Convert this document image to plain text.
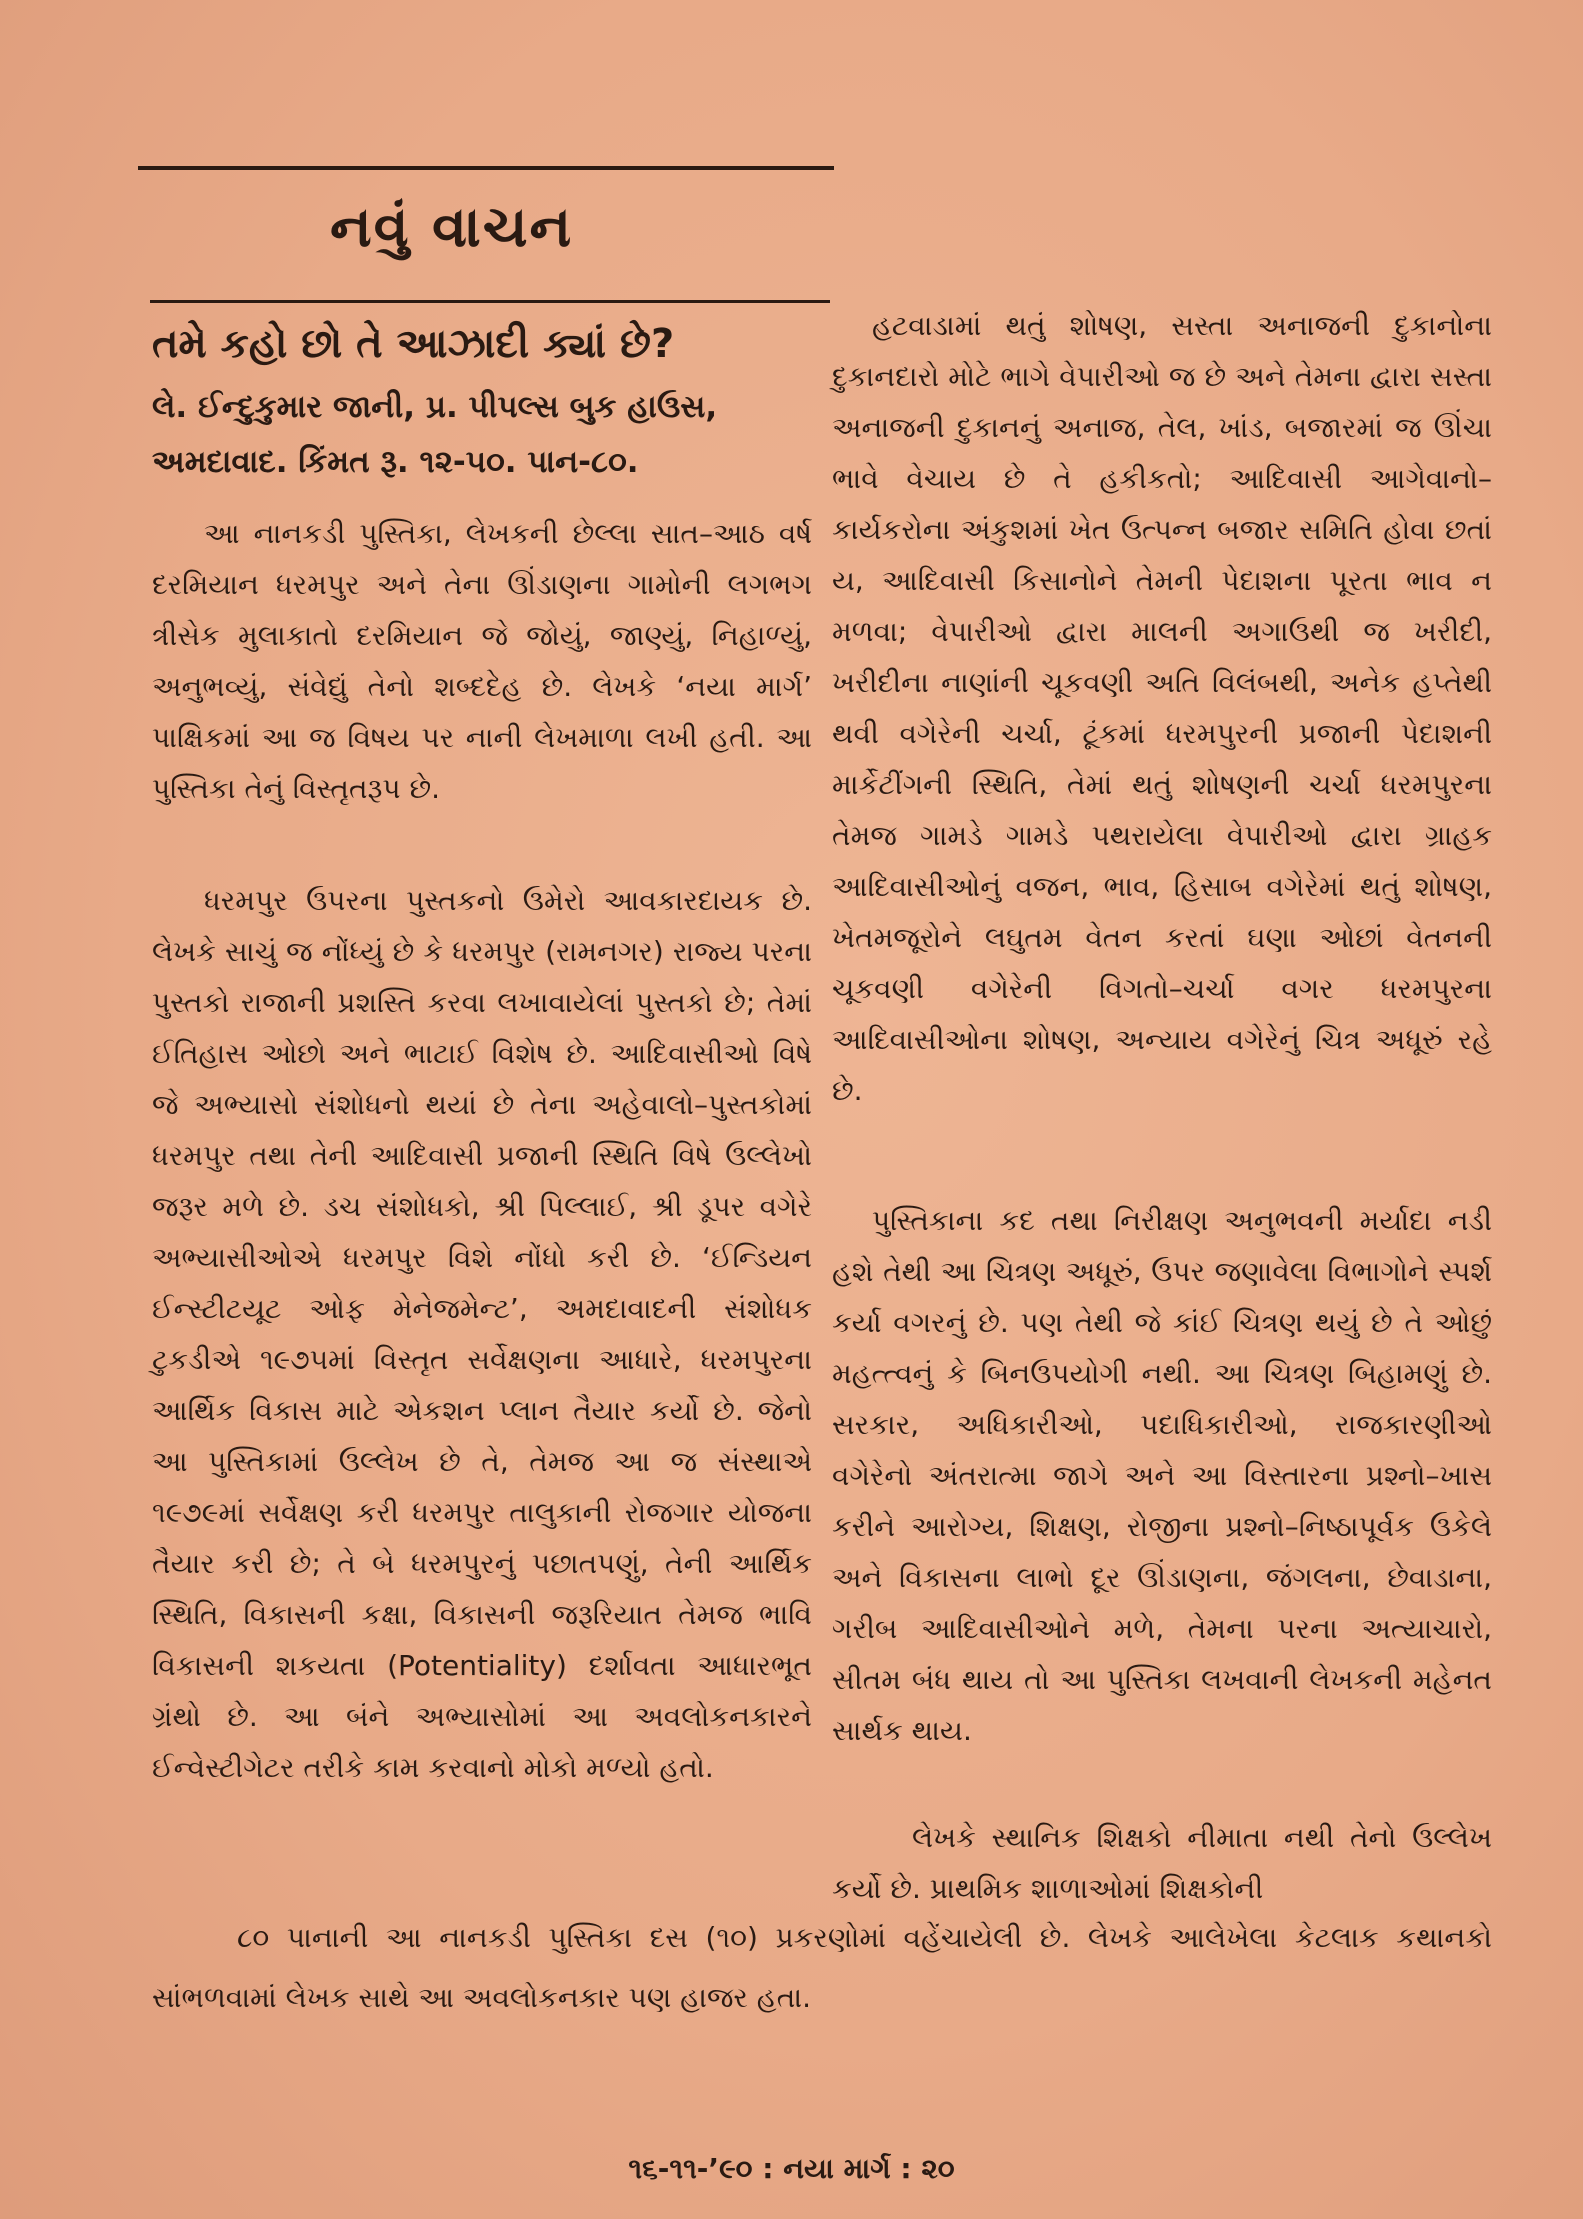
નવું વાચન
તમે કહો છો તે આઝાદી ક્યાં છે?
લે. ઈન્દુકુમાર જાની, પ્ર. પીપલ્સ બુક હાઉસ, અમદાવાદ. કિંમત રૂ. ૧૨-૫૦. પાન-૮૦.

આ નાનકડી પુસ્તિકા, લેખકની છેલ્લા સાત–આઠ વર્ષ દરમિયાન ધરમપુર અને તેના ઊંડાણના ગામોની લગભગ ત્રીસેક મુલાકાતો દરમિયાન જે જોયું, જાણ્યું, નિહાળ્યું, અનુભવ્યું, સંવેદ્યું તેનો શબ્દદેહ છે. લેખકે ‘નયા માર્ગ’ પાક્ષિકમાં આ જ વિષય પર નાની લેખમાળા લખી હતી. આ પુસ્તિકા તેનું વિસ્તૃતરૂપ છે.

ધરમપુર ઉપરના પુસ્તકનો ઉમેરો આવકારદાયક છે. લેખકે સાચું જ નોંધ્યું છે કે ધરમપુર (રામનગર) રાજ્ય પરના પુસ્તકો રાજાની પ્રશસ્તિ કરવા લખાવાયેલાં પુસ્તકો છે; તેમાં ઈતિહાસ ઓછો અને ભાટાઈ વિશેષ છે. આદિવાસીઓ વિષે જે અભ્યાસો સંશોધનો થયાં છે તેના અહેવાલો–પુસ્તકોમાં ધરમપુર તથા તેની આદિવાસી પ્રજાની સ્થિતિ વિષે ઉલ્લેખો જરૂર મળે છે. ડચ સંશોધકો, શ્રી પિલ્લાઈ, શ્રી ડૂપર વગેરે અભ્યાસીઓએ ધરમપુર વિશે નોંધો કરી છે. ‘ઈન્ડિયન ઈન્સ્ટીટયૂટ ઓફ મેનેજમેન્ટ’, અમદાવાદની સંશોધક ટુકડીએ ૧૯૭૫માં વિસ્તૃત સર્વેક્ષણના આધારે, ધરમપુરના આર્થિક વિકાસ માટે એકશન પ્લાન તૈયાર કર્યો છે. જેનો આ પુસ્તિકામાં ઉલ્લેખ છે તે, તેમજ આ જ સંસ્થાએ ૧૯૭૯માં સર્વેક્ષણ કરી ધરમપુર તાલુકાની રોજગાર યોજના તૈયાર કરી છે; તે બે ધરમપુરનું પછાતપણું, તેની આર્થિક સ્થિતિ, વિકાસની કક્ષા, વિકાસની જરૂરિયાત તેમજ ભાવિ વિકાસની શકયતા (Potentiality) દર્શાવતા આધારભૂત ગ્રંથો છે. આ બંને અભ્યાસોમાં આ અવલોકનકારને ઈન્વેસ્ટીગેટર તરીકે કામ કરવાનો મોકો મળ્યો હતો.

૮૦ પાનાની આ નાનકડી પુસ્તિકા દસ (૧૦) પ્રકરણોમાં વહેંચાયેલી છે. લેખકે આલેખેલા કેટલાક કથાનકો સાંભળવામાં લેખક સાથે આ અવલોકનકાર પણ હાજર હતા.

હટવાડામાં થતું શોષણ, સસ્તા અનાજની દુકાનોના દુકાનદારો મોટે ભાગે વેપારીઓ જ છે અને તેમના દ્વારા સસ્તા અનાજની દુકાનનું અનાજ, તેલ, ખાંડ, બજારમાં જ ઊંચા ભાવે વેચાય છે તે હકીકતો; આદિવાસી આગેવાનો–કાર્યકરોના અંકુશમાં ખેત ઉત્પન્ન બજાર સમિતિ હોવા છતાં ય, આદિવાસી કિસાનોને તેમની પેદાશના પૂરતા ભાવ ન મળવા; વેપારીઓ દ્વારા માલની અગાઉથી જ ખરીદી, ખરીદીના નાણાંની ચૂકવણી અતિ વિલંબથી, અનેક હપ્તેથી થવી વગેરેની ચર્ચા, ટૂંકમાં ધરમપુરની પ્રજાની પેદાશની માર્કેટીંગની સ્થિતિ, તેમાં થતું શોષણની ચર્ચા ધરમપુરના તેમજ ગામડે ગામડે પથરાયેલા વેપારીઓ દ્વારા ગ્રાહક આદિવાસીઓનું વજન, ભાવ, હિસાબ વગેરેમાં થતું શોષણ, ખેતમજૂરોને લઘુતમ વેતન કરતાં ઘણા ઓછાં વેતનની ચૂકવણી વગેરેની વિગતો–ચર્ચા વગર ધરમપુરના આદિવાસીઓના શોષણ, અન્યાય વગેરેનું ચિત્ર અધૂરું રહે છે.

પુસ્તિકાના કદ તથા નિરીક્ષણ અનુભવની મર્યાદા નડી હશે તેથી આ ચિત્રણ અધૂરું, ઉપર જણાવેલા વિભાગોને સ્પર્શ કર્યા વગરનું છે. પણ તેથી જે કાંઈ ચિત્રણ થયું છે તે ઓછું મહત્ત્વનું કે બિનઉપયોગી નથી. આ ચિત્રણ બિહામણું છે. સરકાર, અધિકારીઓ, પદાધિકારીઓ, રાજકારણીઓ વગેરેનો અંતરાત્મા જાગે અને આ વિસ્તારના પ્રશ્નો–ખાસ કરીને આરોગ્ય, શિક્ષણ, રોજીના પ્રશ્નો–નિષ્ઠાપૂર્વક ઉકેલે અને વિકાસના લાભો દૂર ઊંડાણના, જંગલના, છેવાડાના, ગરીબ આદિવાસીઓને મળે, તેમના પરના અત્યાચારો, સીતમ બંધ થાય તો આ પુસ્તિકા લખવાની લેખકની મહેનત સાર્થક થાય.

લેખકે સ્થાનિક શિક્ષકો નીમાતા નથી તેનો ઉલ્લેખ કર્યો છે. પ્રાથમિક શાળાઓમાં શિક્ષકોની

૧૬-૧૧-’૯૦ : નયા માર્ગ : ૨૦
